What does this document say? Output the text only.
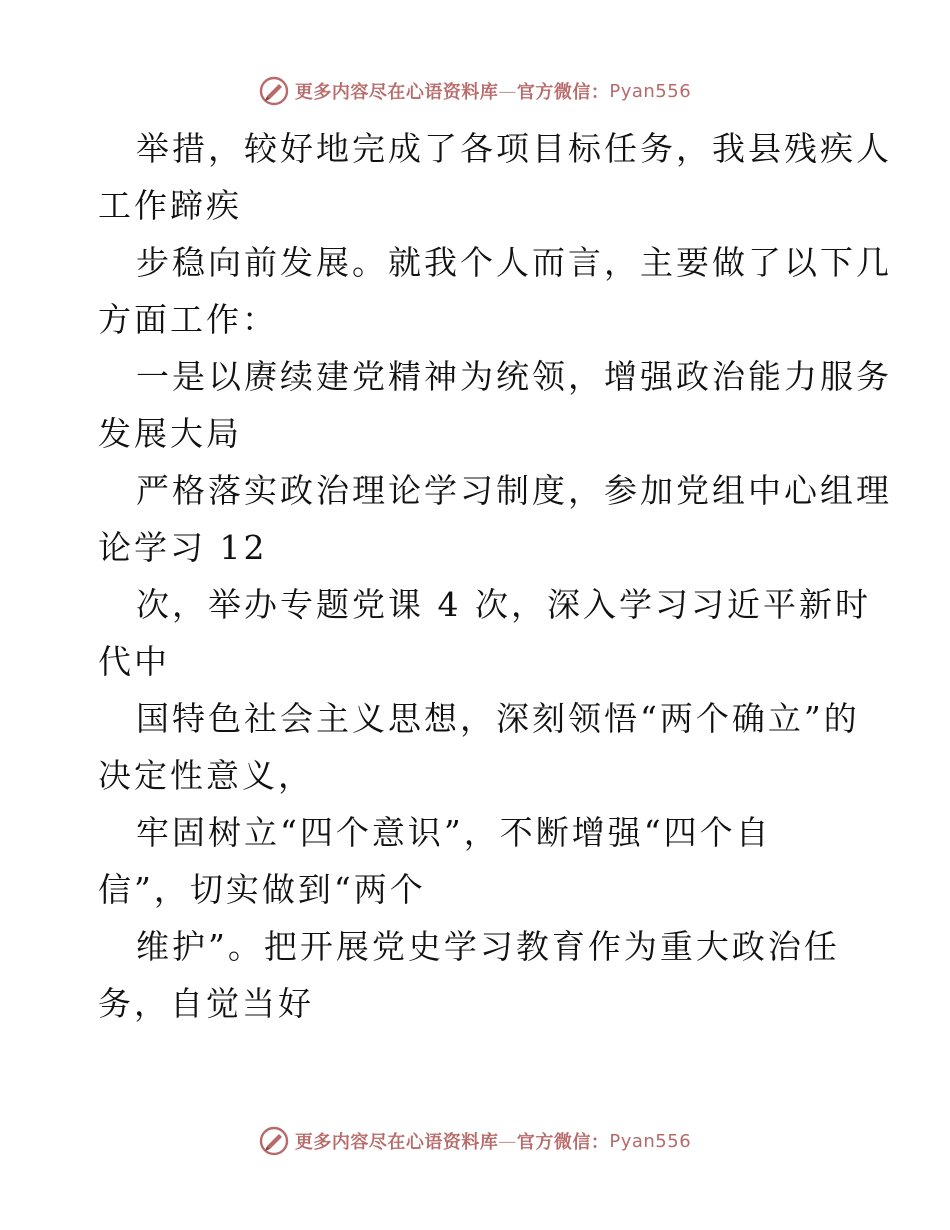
更多内容尽在心语资料库 — 官方微信： Pyan556
举措，较好地完成了各项目标任务，我县残疾人
工作蹄疾
步稳向前发展。就我个人而言，主要做了以下几
方面工作：
一是以赓续建党精神为统领，增强政治能力服务
发展大局
严格落实政治理论学习制度，参加党组中心组理
论学习 12
次，举办专题党课 4 次，深入学习习近平新时
代中
国特色社会主义思想，深刻领悟“两个确立”的
决定性意义，
牢固树立“四个意识”，不断增强“四个自
信”，切实做到“两个
维护”。把开展党史学习教育作为重大政治任
务，自觉当好
更多内容尽在心语资料库 — 官方微信： Pyan556
